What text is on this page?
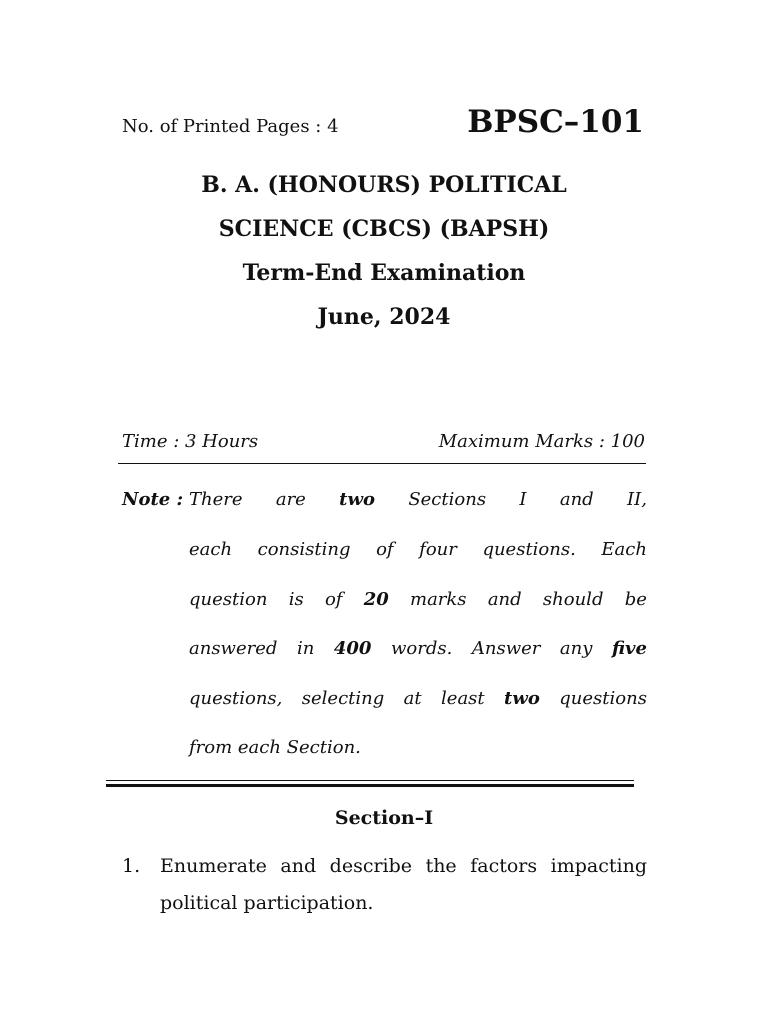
No. of Printed Pages : 4	BPSC–101
B. A. (HONOURS) POLITICAL
SCIENCE (CBCS) (BAPSH)
Term-End Examination
June, 2024
Time : 3 Hours	Maximum Marks : 100
Note : There are two Sections I and II,
each consisting of four questions. Each
question is of 20 marks and should be
answered in 400 words. Answer any five
questions, selecting at least two questions
from each Section.
Section–I
1. Enumerate and describe the factors impacting
political participation.
